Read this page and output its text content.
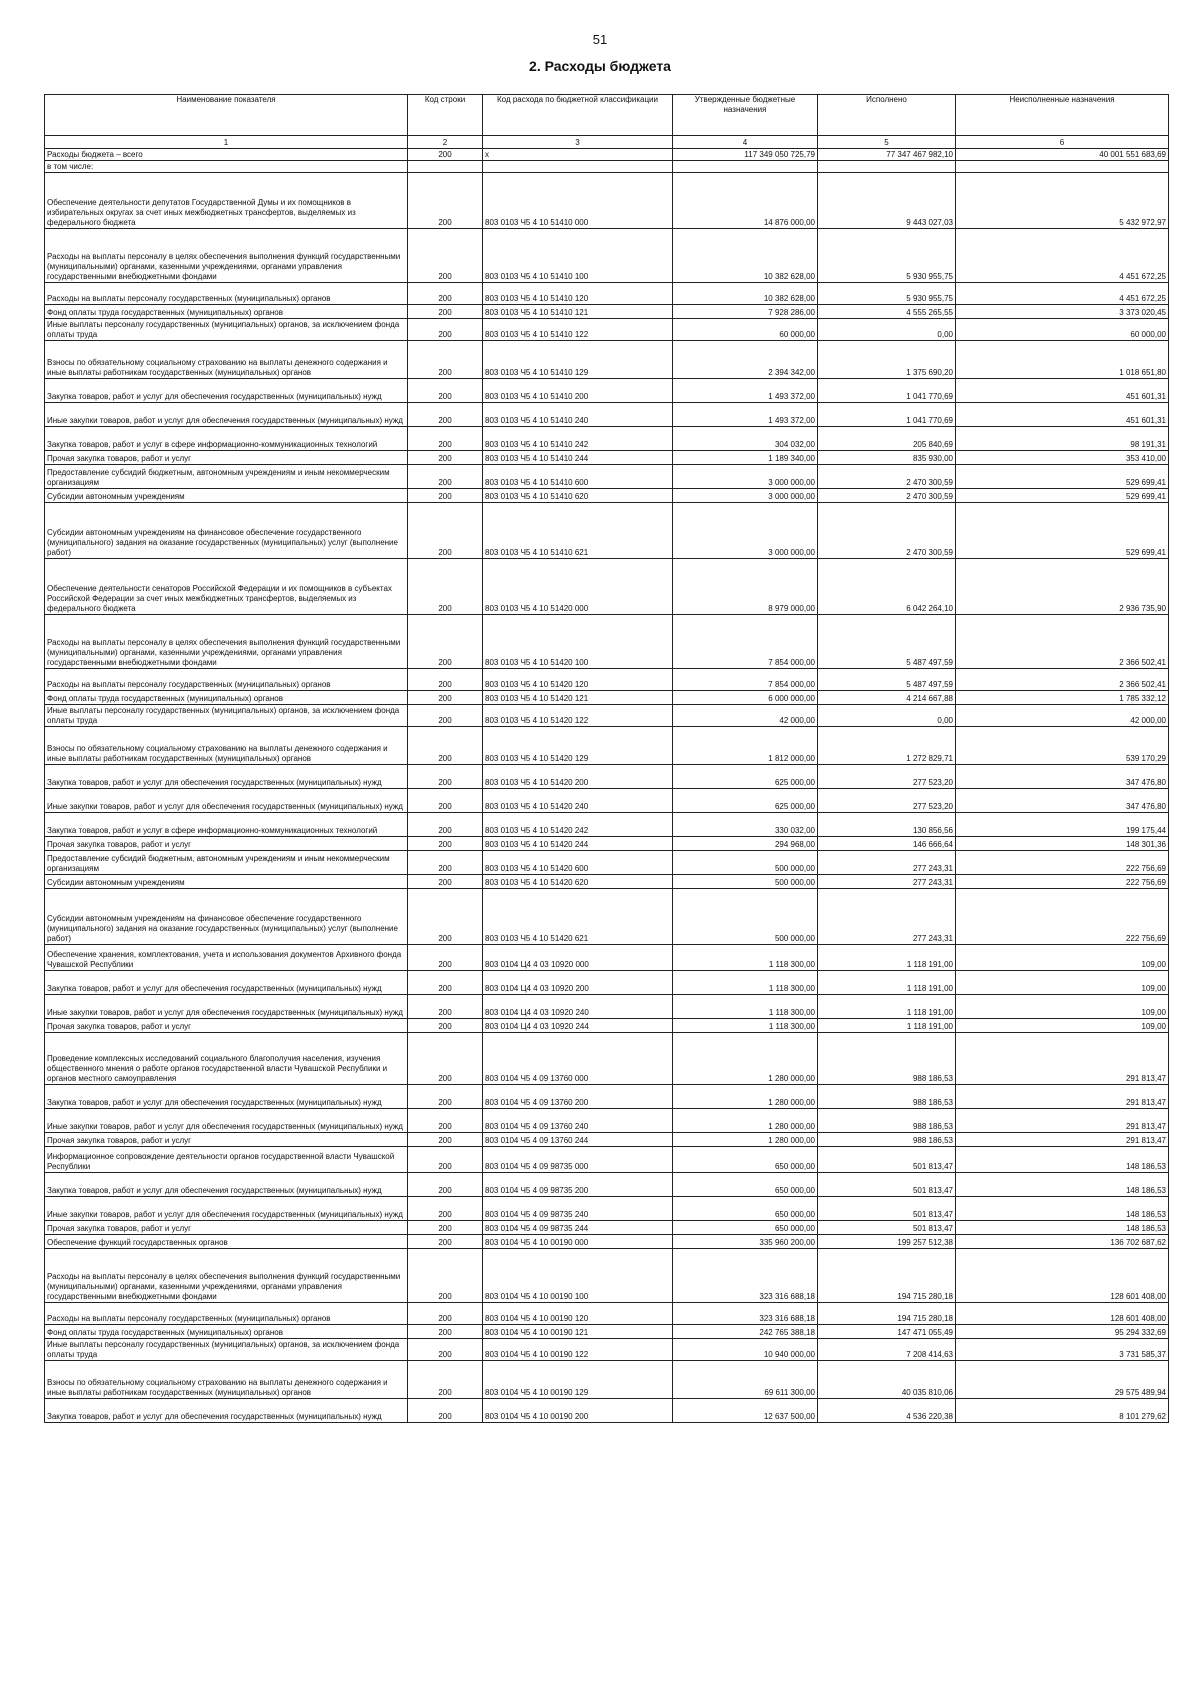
51
2. Расходы бюджета
Наименование показателя	Код строки	Код расхода по бюджетной классификации	Утвержденные бюджетные назначения	Исполнено	Неисполненные назначения
1	2	3	4	5	6
Расходы бюджета – всего	200	х	117 349 050 725,79	77 347 467 982,10	40 001 551 683,69
в том числе:					
Обеспечение деятельности депутатов Государственной Думы и их помощников в избирательных округах за счет иных межбюджетных трансфертов, выделяемых из федерального бюджета	200	803 0103 Ч5 4 10 51410 000	14 876 000,00	9 443 027,03	5 432 972,97
Расходы на выплаты персоналу в целях обеспечения выполнения функций государственными (муниципальными) органами, казенными учреждениями, органами управления государственными внебюджетными фондами	200	803 0103 Ч5 4 10 51410 100	10 382 628,00	5 930 955,75	4 451 672,25
Расходы на выплаты персоналу государственных (муниципальных) органов	200	803 0103 Ч5 4 10 51410 120	10 382 628,00	5 930 955,75	4 451 672,25
Фонд оплаты труда государственных (муниципальных) органов	200	803 0103 Ч5 4 10 51410 121	7 928 286,00	4 555 265,55	3 373 020,45
Иные выплаты персоналу государственных (муниципальных) органов, за исключением фонда оплаты труда	200	803 0103 Ч5 4 10 51410 122	60 000,00	0,00	60 000,00
Взносы по обязательному социальному страхованию на выплаты денежного содержания и иные выплаты работникам государственных (муниципальных) органов	200	803 0103 Ч5 4 10 51410 129	2 394 342,00	1 375 690,20	1 018 651,80
Закупка товаров, работ и услуг для обеспечения государственных (муниципальных) нужд	200	803 0103 Ч5 4 10 51410 200	1 493 372,00	1 041 770,69	451 601,31
Иные закупки товаров, работ и услуг для обеспечения государственных (муниципальных) нужд	200	803 0103 Ч5 4 10 51410 240	1 493 372,00	1 041 770,69	451 601,31
Закупка товаров, работ и услуг в сфере информационно-коммуникационных технологий	200	803 0103 Ч5 4 10 51410 242	304 032,00	205 840,69	98 191,31
Прочая закупка товаров, работ и услуг	200	803 0103 Ч5 4 10 51410 244	1 189 340,00	835 930,00	353 410,00
Предоставление субсидий бюджетным, автономным учреждениям и иным некоммерческим организациям	200	803 0103 Ч5 4 10 51410 600	3 000 000,00	2 470 300,59	529 699,41
Субсидии автономным учреждениям	200	803 0103 Ч5 4 10 51410 620	3 000 000,00	2 470 300,59	529 699,41
Субсидии автономным учреждениям на финансовое обеспечение государственного (муниципального) задания на оказание государственных (муниципальных) услуг (выполнение работ)	200	803 0103 Ч5 4 10 51410 621	3 000 000,00	2 470 300,59	529 699,41
Обеспечение деятельности сенаторов Российской Федерации и их помощников в субъектах Российской Федерации за счет иных межбюджетных трансфертов, выделяемых из федерального бюджета	200	803 0103 Ч5 4 10 51420 000	8 979 000,00	6 042 264,10	2 936 735,90
Расходы на выплаты персоналу в целях обеспечения выполнения функций государственными (муниципальными) органами, казенными учреждениями, органами управления государственными внебюджетными фондами	200	803 0103 Ч5 4 10 51420 100	7 854 000,00	5 487 497,59	2 366 502,41
Расходы на выплаты персоналу государственных (муниципальных) органов	200	803 0103 Ч5 4 10 51420 120	7 854 000,00	5 487 497,59	2 366 502,41
Фонд оплаты труда государственных (муниципальных) органов	200	803 0103 Ч5 4 10 51420 121	6 000 000,00	4 214 667,88	1 785 332,12
Иные выплаты персоналу государственных (муниципальных) органов, за исключением фонда оплаты труда	200	803 0103 Ч5 4 10 51420 122	42 000,00	0,00	42 000,00
Взносы по обязательному социальному страхованию на выплаты денежного содержания и иные выплаты работникам государственных (муниципальных) органов	200	803 0103 Ч5 4 10 51420 129	1 812 000,00	1 272 829,71	539 170,29
Закупка товаров, работ и услуг для обеспечения государственных (муниципальных) нужд	200	803 0103 Ч5 4 10 51420 200	625 000,00	277 523,20	347 476,80
Иные закупки товаров, работ и услуг для обеспечения государственных (муниципальных) нужд	200	803 0103 Ч5 4 10 51420 240	625 000,00	277 523,20	347 476,80
Закупка товаров, работ и услуг в сфере информационно-коммуникационных технологий	200	803 0103 Ч5 4 10 51420 242	330 032,00	130 856,56	199 175,44
Прочая закупка товаров, работ и услуг	200	803 0103 Ч5 4 10 51420 244	294 968,00	146 666,64	148 301,36
Предоставление субсидий бюджетным, автономным учреждениям и иным некоммерческим организациям	200	803 0103 Ч5 4 10 51420 600	500 000,00	277 243,31	222 756,69
Субсидии автономным учреждениям	200	803 0103 Ч5 4 10 51420 620	500 000,00	277 243,31	222 756,69
Субсидии автономным учреждениям на финансовое обеспечение государственного (муниципального) задания на оказание государственных (муниципальных) услуг (выполнение работ)	200	803 0103 Ч5 4 10 51420 621	500 000,00	277 243,31	222 756,69
Обеспечение хранения, комплектования, учета и использования документов Архивного фонда Чувашской Республики	200	803 0104 Ц4 4 03 10920 000	1 118 300,00	1 118 191,00	109,00
Закупка товаров, работ и услуг для обеспечения государственных (муниципальных) нужд	200	803 0104 Ц4 4 03 10920 200	1 118 300,00	1 118 191,00	109,00
Иные закупки товаров, работ и услуг для обеспечения государственных (муниципальных) нужд	200	803 0104 Ц4 4 03 10920 240	1 118 300,00	1 118 191,00	109,00
Прочая закупка товаров, работ и услуг	200	803 0104 Ц4 4 03 10920 244	1 118 300,00	1 118 191,00	109,00
Проведение комплексных исследований социального благополучия населения, изучения общественного мнения о работе органов государственной власти Чувашской Республики и органов местного самоуправления	200	803 0104 Ч5 4 09 13760 000	1 280 000,00	988 186,53	291 813,47
Закупка товаров, работ и услуг для обеспечения государственных (муниципальных) нужд	200	803 0104 Ч5 4 09 13760 200	1 280 000,00	988 186,53	291 813,47
Иные закупки товаров, работ и услуг для обеспечения государственных (муниципальных) нужд	200	803 0104 Ч5 4 09 13760 240	1 280 000,00	988 186,53	291 813,47
Прочая закупка товаров, работ и услуг	200	803 0104 Ч5 4 09 13760 244	1 280 000,00	988 186,53	291 813,47
Информационное сопровождение деятельности органов государственной власти Чувашской Республики	200	803 0104 Ч5 4 09 98735 000	650 000,00	501 813,47	148 186,53
Закупка товаров, работ и услуг для обеспечения государственных (муниципальных) нужд	200	803 0104 Ч5 4 09 98735 200	650 000,00	501 813,47	148 186,53
Иные закупки товаров, работ и услуг для обеспечения государственных (муниципальных) нужд	200	803 0104 Ч5 4 09 98735 240	650 000,00	501 813,47	148 186,53
Прочая закупка товаров, работ и услуг	200	803 0104 Ч5 4 09 98735 244	650 000,00	501 813,47	148 186,53
Обеспечение функций государственных органов	200	803 0104 Ч5 4 10 00190 000	335 960 200,00	199 257 512,38	136 702 687,62
Расходы на выплаты персоналу в целях обеспечения выполнения функций государственными (муниципальными) органами, казенными учреждениями, органами управления государственными внебюджетными фондами	200	803 0104 Ч5 4 10 00190 100	323 316 688,18	194 715 280,18	128 601 408,00
Расходы на выплаты персоналу государственных (муниципальных) органов	200	803 0104 Ч5 4 10 00190 120	323 316 688,18	194 715 280,18	128 601 408,00
Фонд оплаты труда государственных (муниципальных) органов	200	803 0104 Ч5 4 10 00190 121	242 765 388,18	147 471 055,49	95 294 332,69
Иные выплаты персоналу государственных (муниципальных) органов, за исключением фонда оплаты труда	200	803 0104 Ч5 4 10 00190 122	10 940 000,00	7 208 414,63	3 731 585,37
Взносы по обязательному социальному страхованию на выплаты денежного содержания и иные выплаты работникам государственных (муниципальных) органов	200	803 0104 Ч5 4 10 00190 129	69 611 300,00	40 035 810,06	29 575 489,94
Закупка товаров, работ и услуг для обеспечения государственных (муниципальных) нужд	200	803 0104 Ч5 4 10 00190 200	12 637 500,00	4 536 220,38	8 101 279,62
